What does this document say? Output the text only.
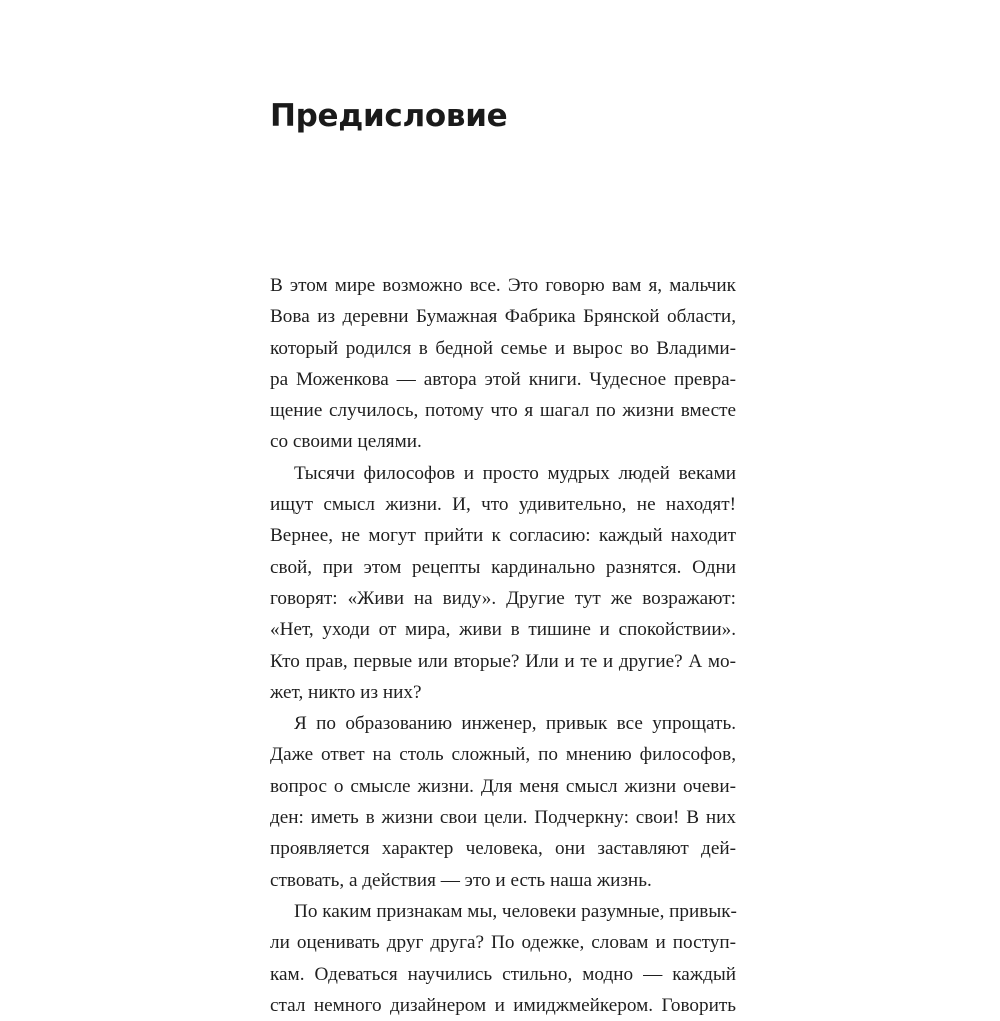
Предисловие

В этом мире возможно все. Это говорю вам я, мальчик
Вова из деревни Бумажная Фабрика Брянской области,
который родился в бедной семье и вырос во Владими-
ра Моженкова — автора этой книги. Чудесное превра-
щение случилось, потому что я шагал по жизни вместе
со своими целями.

Тысячи философов и просто мудрых людей веками
ищут смысл жизни. И, что удивительно, не находят!
Вернее, не могут прийти к согласию: каждый находит
свой, при этом рецепты кардинально разнятся. Одни
говорят: «Живи на виду». Другие тут же возражают:
«Нет, уходи от мира, живи в тишине и спокойствии».
Кто прав, первые или вторые? Или и те и другие? А мо-
жет, никто из них?

Я по образованию инженер, привык все упрощать.
Даже ответ на столь сложный, по мнению философов,
вопрос о смысле жизни. Для меня смысл жизни очеви-
ден: иметь в жизни свои цели. Подчеркну: свои! В них
проявляется характер человека, они заставляют дей-
ствовать, а действия — это и есть наша жизнь.

По каким признакам мы, человеки разумные, привык-
ли оценивать друг друга? По одежке, словам и поступ-
кам. Одеваться научились стильно, модно — каждый
стал немного дизайнером и имиджмейкером. Говорить
